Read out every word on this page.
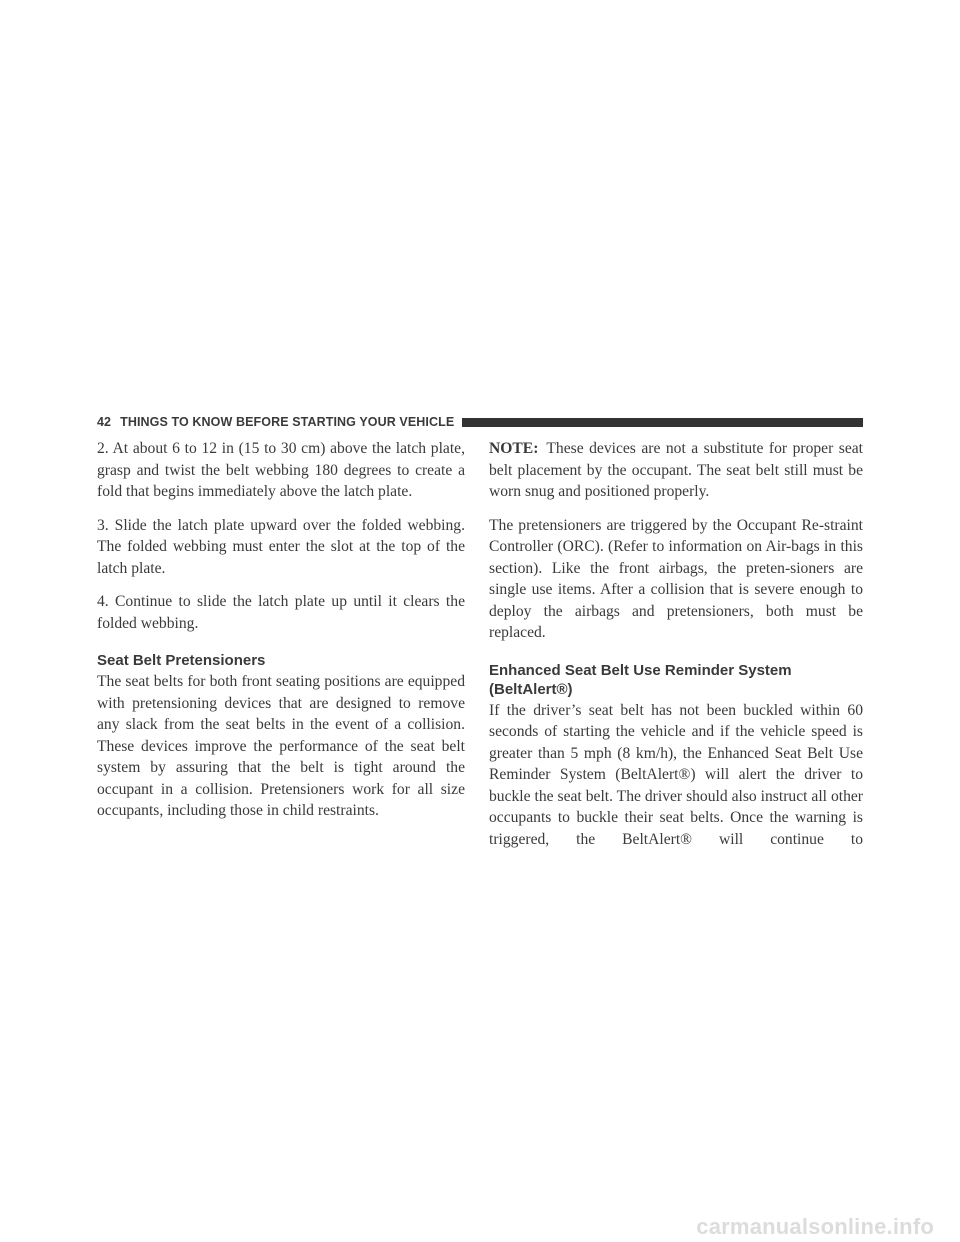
42 THINGS TO KNOW BEFORE STARTING YOUR VEHICLE

2. At about 6 to 12 in (15 to 30 cm) above the latch plate, grasp and twist the belt webbing 180 degrees to create a fold that begins immediately above the latch plate.

3. Slide the latch plate upward over the folded webbing. The folded webbing must enter the slot at the top of the latch plate.

4. Continue to slide the latch plate up until it clears the folded webbing.

Seat Belt Pretensioners

The seat belts for both front seating positions are equipped with pretensioning devices that are designed to remove any slack from the seat belts in the event of a collision. These devices improve the performance of the seat belt system by assuring that the belt is tight around the occupant in a collision. Pretensioners work for all size occupants, including those in child restraints.

NOTE: These devices are not a substitute for proper seat belt placement by the occupant. The seat belt still must be worn snug and positioned properly.

The pretensioners are triggered by the Occupant Re-straint Controller (ORC). (Refer to information on Air-bags in this section). Like the front airbags, the preten-sioners are single use items. After a collision that is severe enough to deploy the airbags and pretensioners, both must be replaced.

Enhanced Seat Belt Use Reminder System
(BeltAlert®)

If the driver’s seat belt has not been buckled within 60 seconds of starting the vehicle and if the vehicle speed is greater than 5 mph (8 km/h), the Enhanced Seat Belt Use Reminder System (BeltAlert®) will alert the driver to buckle the seat belt. The driver should also instruct all other occupants to buckle their seat belts. Once the warning is triggered, the BeltAlert® will continue to

carmanualsonline.info
